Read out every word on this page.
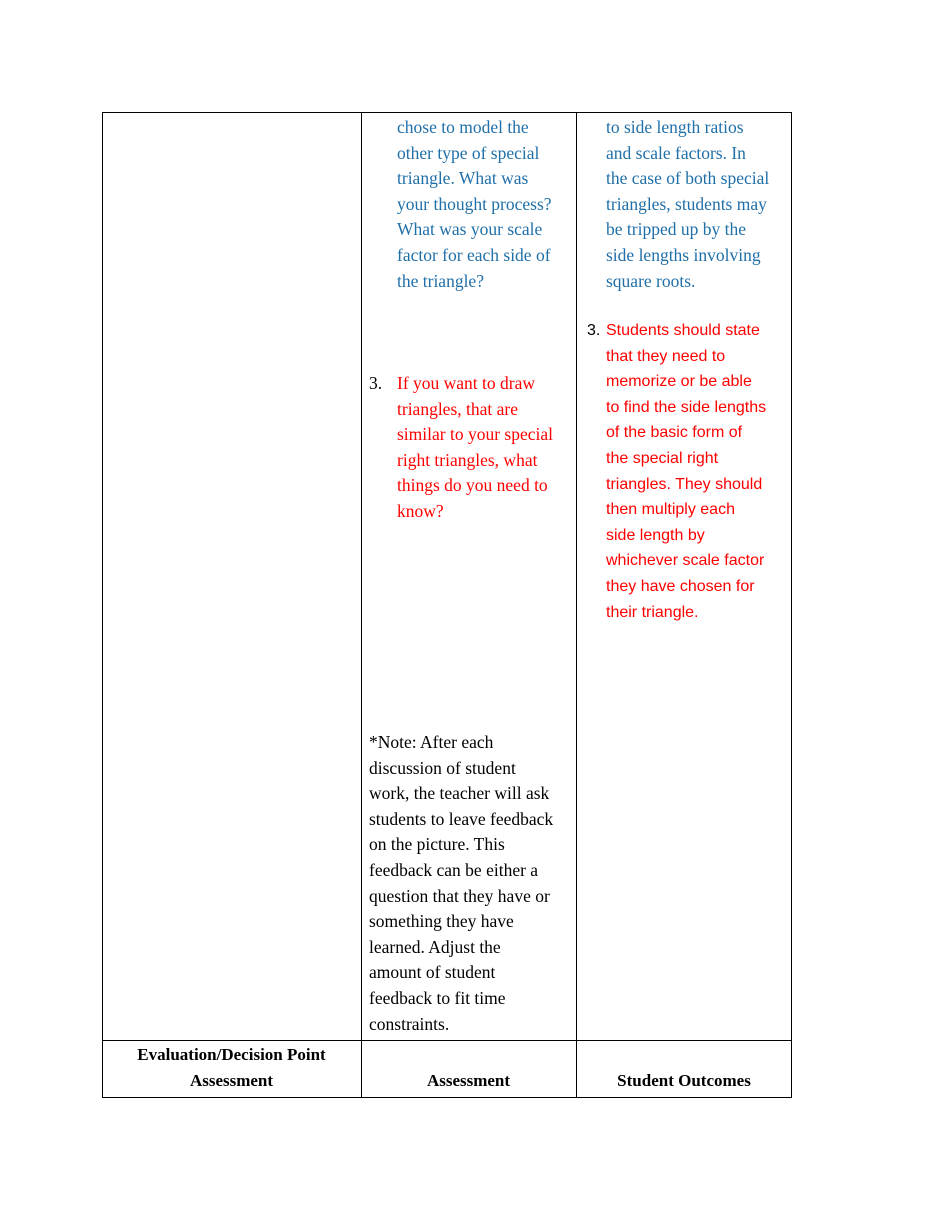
chose to model the
other type of special
triangle. What was
your thought process?
What was your scale
factor for each side of
the triangle?
3. If you want to draw
triangles, that are
similar to your special
right triangles, what
things do you need to
know?
*Note: After each
discussion of student
work, the teacher will ask
students to leave feedback
on the picture. This
feedback can be either a
question that they have or
something they have
learned. Adjust the
amount of student
feedback to fit time
constraints.
to side length ratios
and scale factors. In
the case of both special
triangles, students may
be tripped up by the
side lengths involving
square roots.
3. Students should state
that they need to
memorize or be able
to find the side lengths
of the basic form of
the special right
triangles. They should
then multiply each
side length by
whichever scale factor
they have chosen for
their triangle.
Evaluation/Decision Point
Assessment	Assessment	Student Outcomes
